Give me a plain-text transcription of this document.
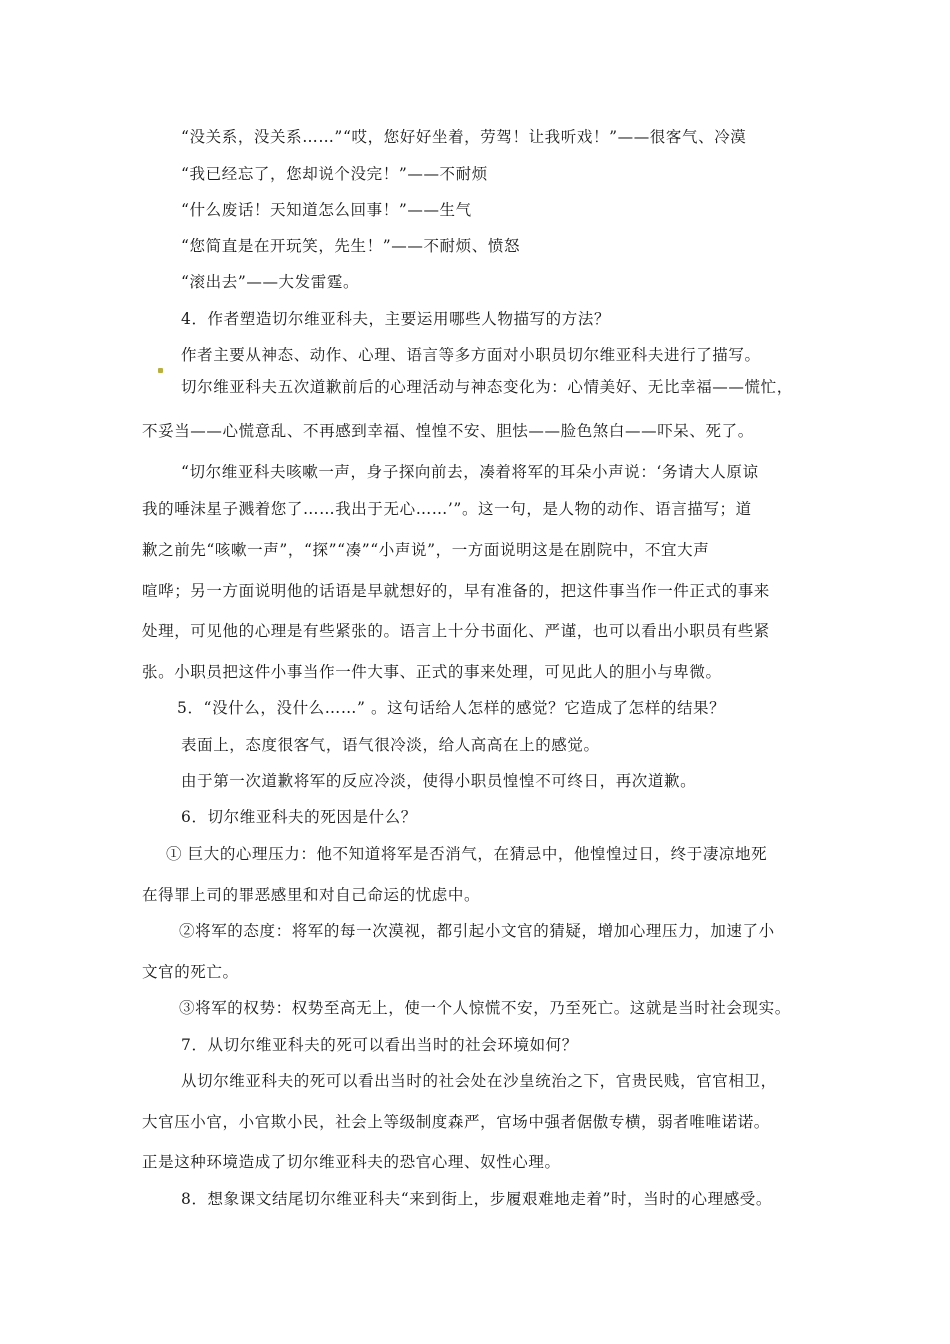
“没关系，没关系……”“哎，您好好坐着，劳驾！让我听戏！”——很客气、冷漠
“我已经忘了，您却说个没完！”——不耐烦
“什么废话！天知道怎么回事！”——生气
“您简直是在开玩笑，先生！”——不耐烦、愤怒
“滚出去”——大发雷霆。
4．作者塑造切尔维亚科夫，主要运用哪些人物描写的方法？
作者主要从神态、动作、心理、语言等多方面对小职员切尔维亚科夫进行了描写。
切尔维亚科夫五次道歉前后的心理活动与神态变化为：心情美好、无比幸福——慌忙，
不妥当——心慌意乱、不再感到幸福、惶惶不安、胆怯——脸色煞白——吓呆、死了。
“切尔维亚科夫咳嗽一声，身子探向前去，凑着将军的耳朵小声说：‘务请大人原谅
我的唾沫星子溅着您了……我出于无心……’”。这一句，是人物的动作、语言描写；道
歉之前先“咳嗽一声”，“探”“凑”“小声说”，一方面说明这是在剧院中，不宜大声
喧哗；另一方面说明他的话语是早就想好的，早有准备的，把这件事当作一件正式的事来
处理，可见他的心理是有些紧张的。语言上十分书面化、严谨，也可以看出小职员有些紧
张。小职员把这件小事当作一件大事、正式的事来处理，可见此人的胆小与卑微。
5．“没什么，没什么……” 。这句话给人怎样的感觉？它造成了怎样的结果？
表面上，态度很客气，语气很冷淡，给人高高在上的感觉。
由于第一次道歉将军的反应冷淡，使得小职员惶惶不可终日，再次道歉。
6．切尔维亚科夫的死因是什么？
① 巨大的心理压力：他不知道将军是否消气，在猜忌中，他惶惶过日，终于凄凉地死
在得罪上司的罪恶感里和对自己命运的忧虑中。
②将军的态度：将军的每一次漠视，都引起小文官的猜疑，增加心理压力，加速了小
文官的死亡。
③将军的权势：权势至高无上，使一个人惊慌不安，乃至死亡。这就是当时社会现实。
7．从切尔维亚科夫的死可以看出当时的社会环境如何？
从切尔维亚科夫的死可以看出当时的社会处在沙皇统治之下，官贵民贱，官官相卫，
大官压小官，小官欺小民，社会上等级制度森严，官场中强者倨傲专横，弱者唯唯诺诺。
正是这种环境造成了切尔维亚科夫的恐官心理、奴性心理。
8．想象课文结尾切尔维亚科夫“来到街上，步履艰难地走着”时，当时的心理感受。
